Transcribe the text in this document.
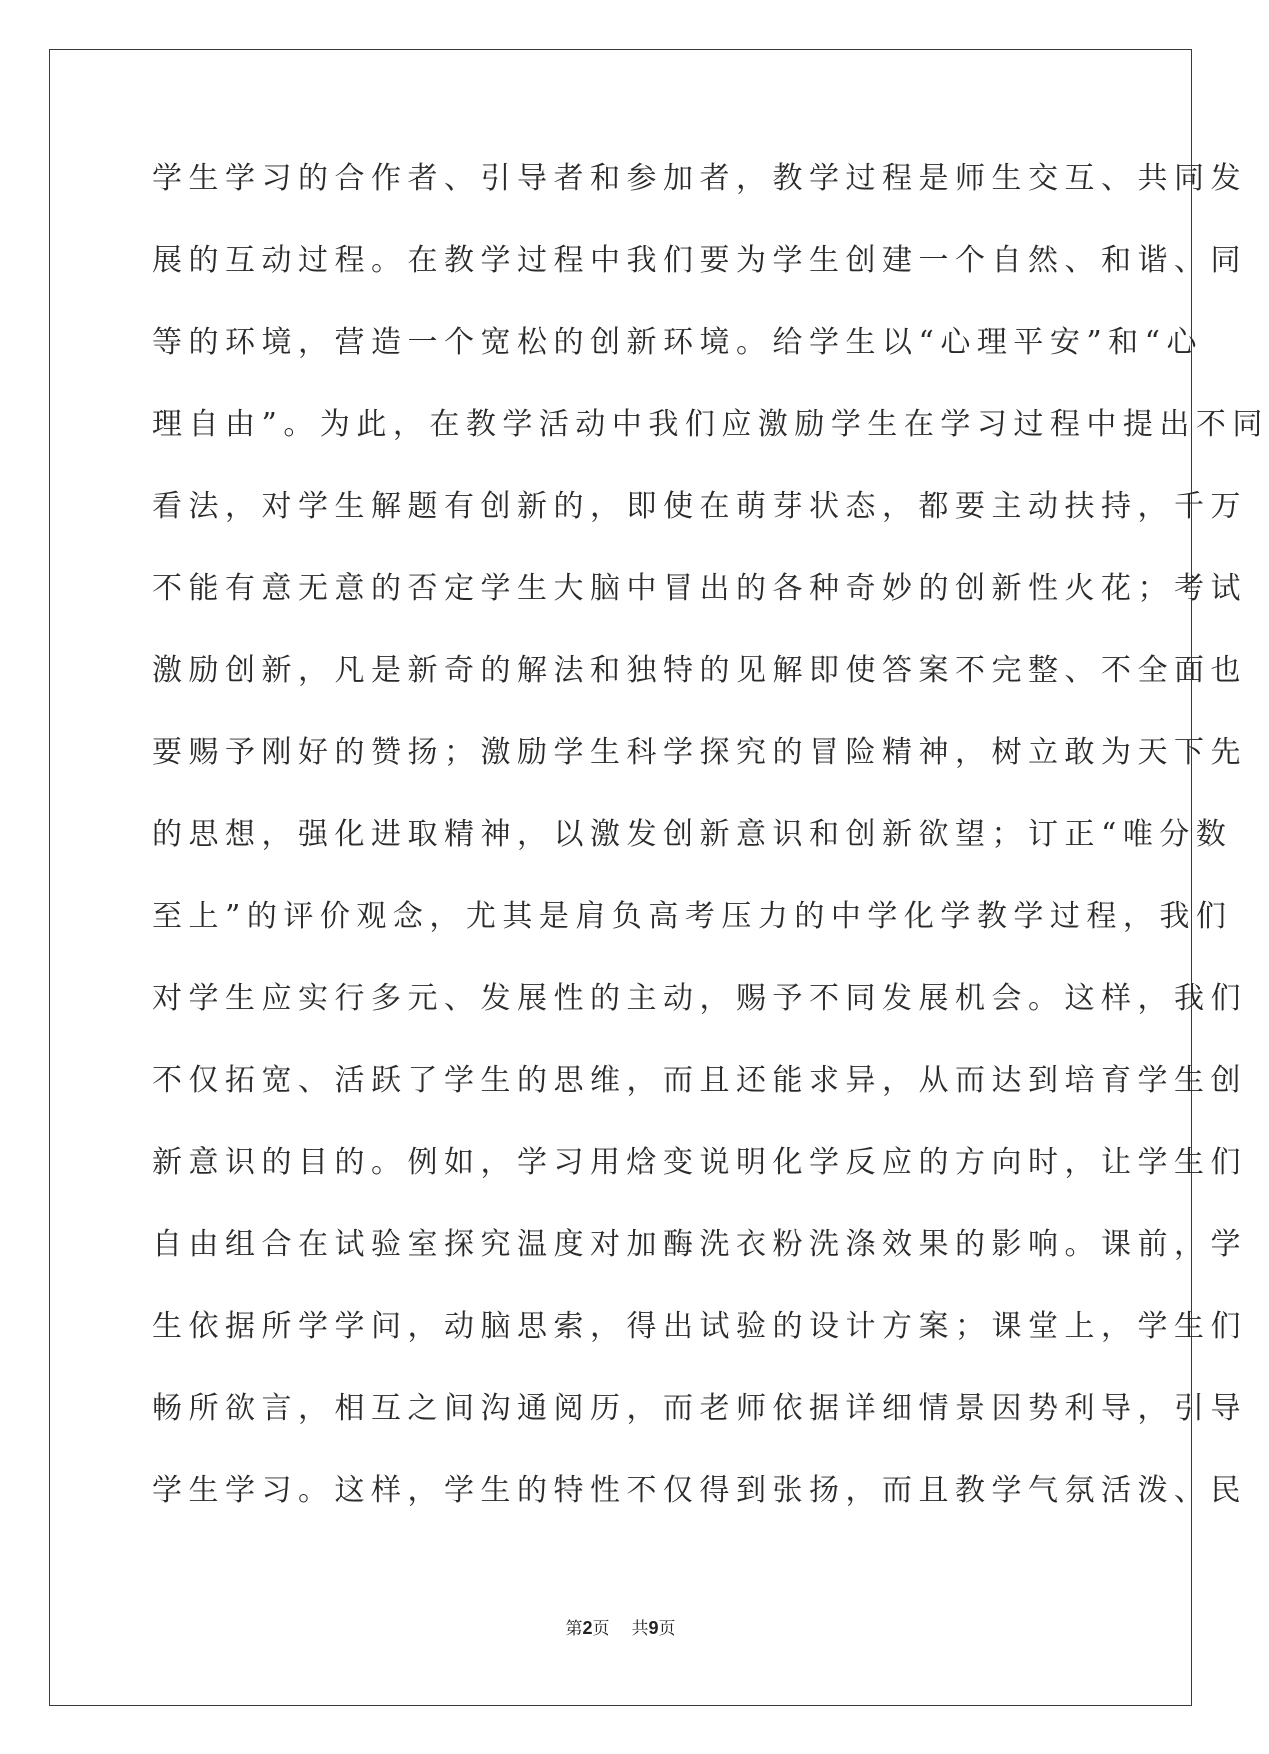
学生学习的合作者、引导者和参加者，教学过程是师生交互、共同发
展的互动过程。在教学过程中我们要为学生创建一个自然、和谐、同
等的环境，营造一个宽松的创新环境。给学生以“心理平安”和“心
理自由”。为此，在教学活动中我们应激励学生在学习过程中提出不同
看法，对学生解题有创新的，即使在萌芽状态，都要主动扶持，千万
不能有意无意的否定学生大脑中冒出的各种奇妙的创新性火花；考试
激励创新，凡是新奇的解法和独特的见解即使答案不完整、不全面也
要赐予刚好的赞扬；激励学生科学探究的冒险精神，树立敢为天下先
的思想，强化进取精神，以激发创新意识和创新欲望；订正“唯分数
至上”的评价观念，尤其是肩负高考压力的中学化学教学过程，我们
对学生应实行多元、发展性的主动，赐予不同发展机会。这样，我们
不仅拓宽、活跃了学生的思维，而且还能求异，从而达到培育学生创
新意识的目的。例如，学习用焓变说明化学反应的方向时，让学生们
自由组合在试验室探究温度对加酶洗衣粉洗涤效果的影响。课前，学
生依据所学学问，动脑思索，得出试验的设计方案；课堂上，学生们
畅所欲言，相互之间沟通阅历，而老师依据详细情景因势利导，引导
学生学习。这样，学生的特性不仅得到张扬，而且教学气氛活泼、民
第2页 共9页
